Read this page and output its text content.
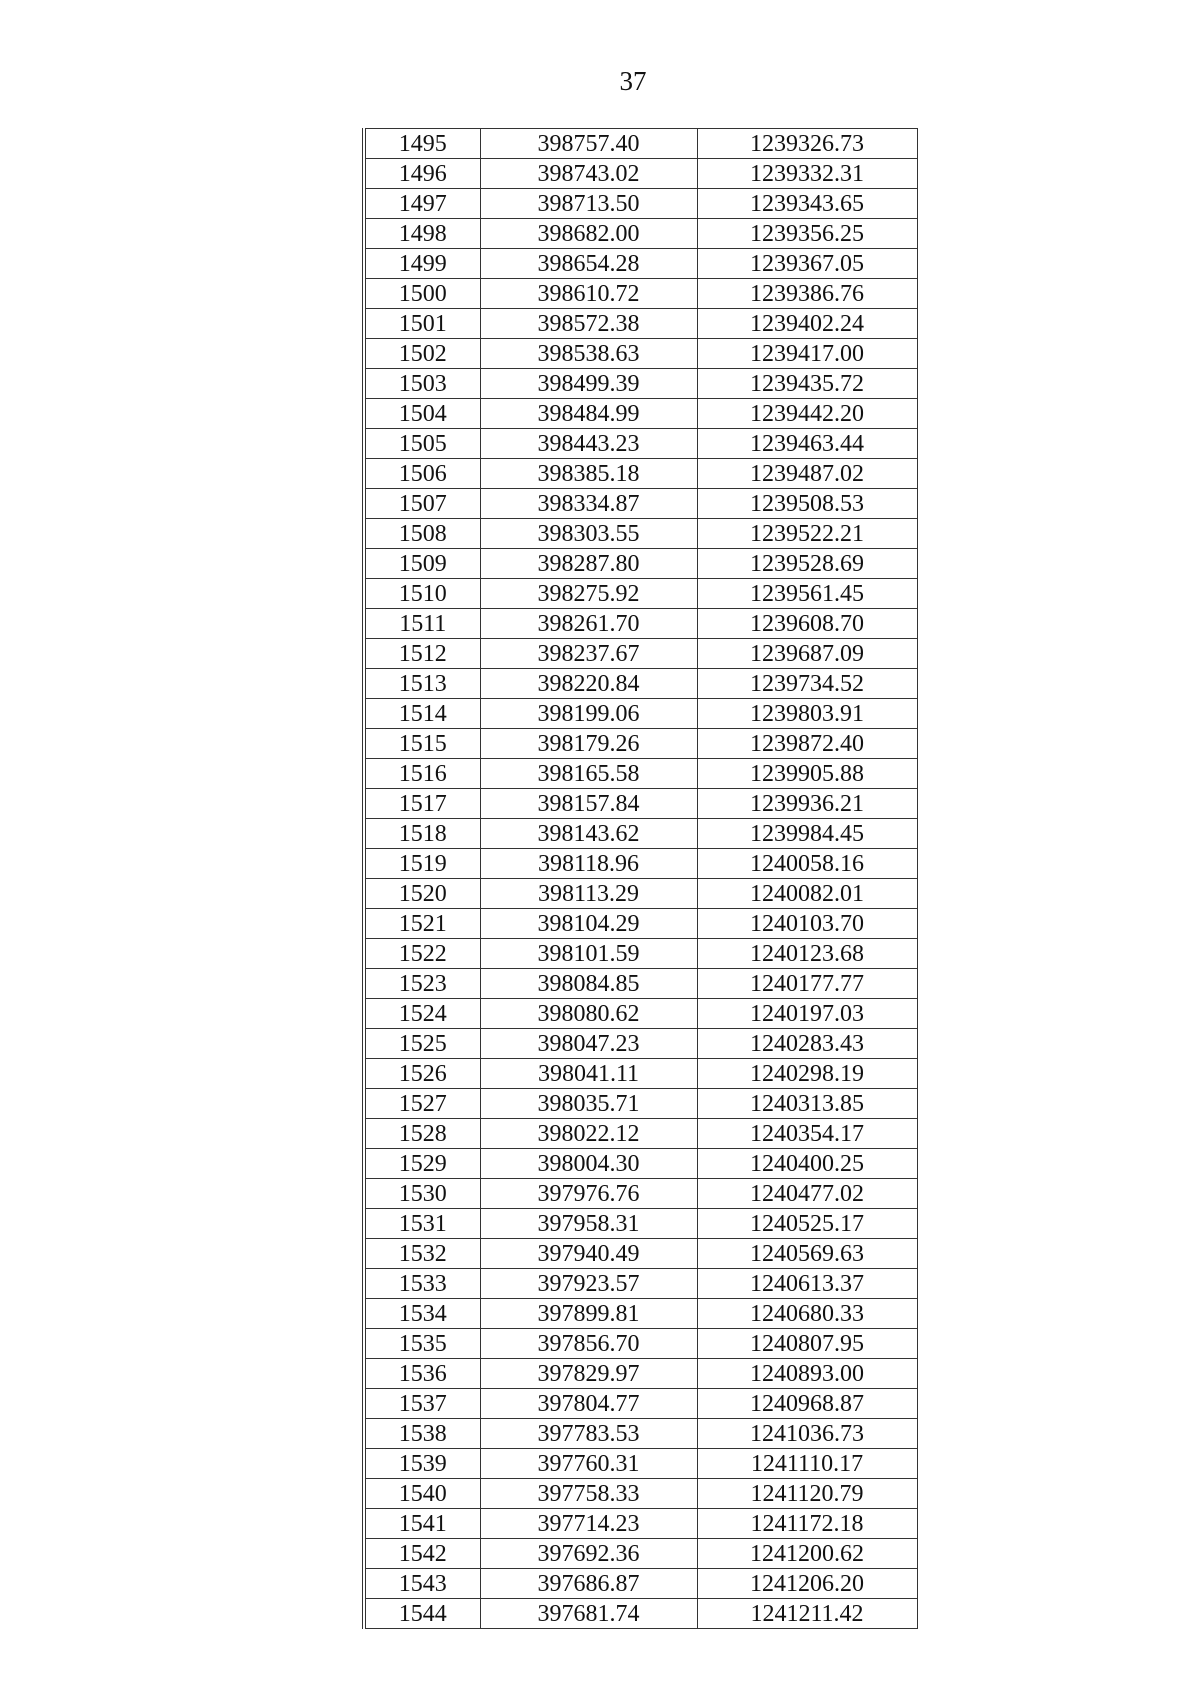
37
1495	398757.40	1239326.73
1496	398743.02	1239332.31
1497	398713.50	1239343.65
1498	398682.00	1239356.25
1499	398654.28	1239367.05
1500	398610.72	1239386.76
1501	398572.38	1239402.24
1502	398538.63	1239417.00
1503	398499.39	1239435.72
1504	398484.99	1239442.20
1505	398443.23	1239463.44
1506	398385.18	1239487.02
1507	398334.87	1239508.53
1508	398303.55	1239522.21
1509	398287.80	1239528.69
1510	398275.92	1239561.45
1511	398261.70	1239608.70
1512	398237.67	1239687.09
1513	398220.84	1239734.52
1514	398199.06	1239803.91
1515	398179.26	1239872.40
1516	398165.58	1239905.88
1517	398157.84	1239936.21
1518	398143.62	1239984.45
1519	398118.96	1240058.16
1520	398113.29	1240082.01
1521	398104.29	1240103.70
1522	398101.59	1240123.68
1523	398084.85	1240177.77
1524	398080.62	1240197.03
1525	398047.23	1240283.43
1526	398041.11	1240298.19
1527	398035.71	1240313.85
1528	398022.12	1240354.17
1529	398004.30	1240400.25
1530	397976.76	1240477.02
1531	397958.31	1240525.17
1532	397940.49	1240569.63
1533	397923.57	1240613.37
1534	397899.81	1240680.33
1535	397856.70	1240807.95
1536	397829.97	1240893.00
1537	397804.77	1240968.87
1538	397783.53	1241036.73
1539	397760.31	1241110.17
1540	397758.33	1241120.79
1541	397714.23	1241172.18
1542	397692.36	1241200.62
1543	397686.87	1241206.20
1544	397681.74	1241211.42
